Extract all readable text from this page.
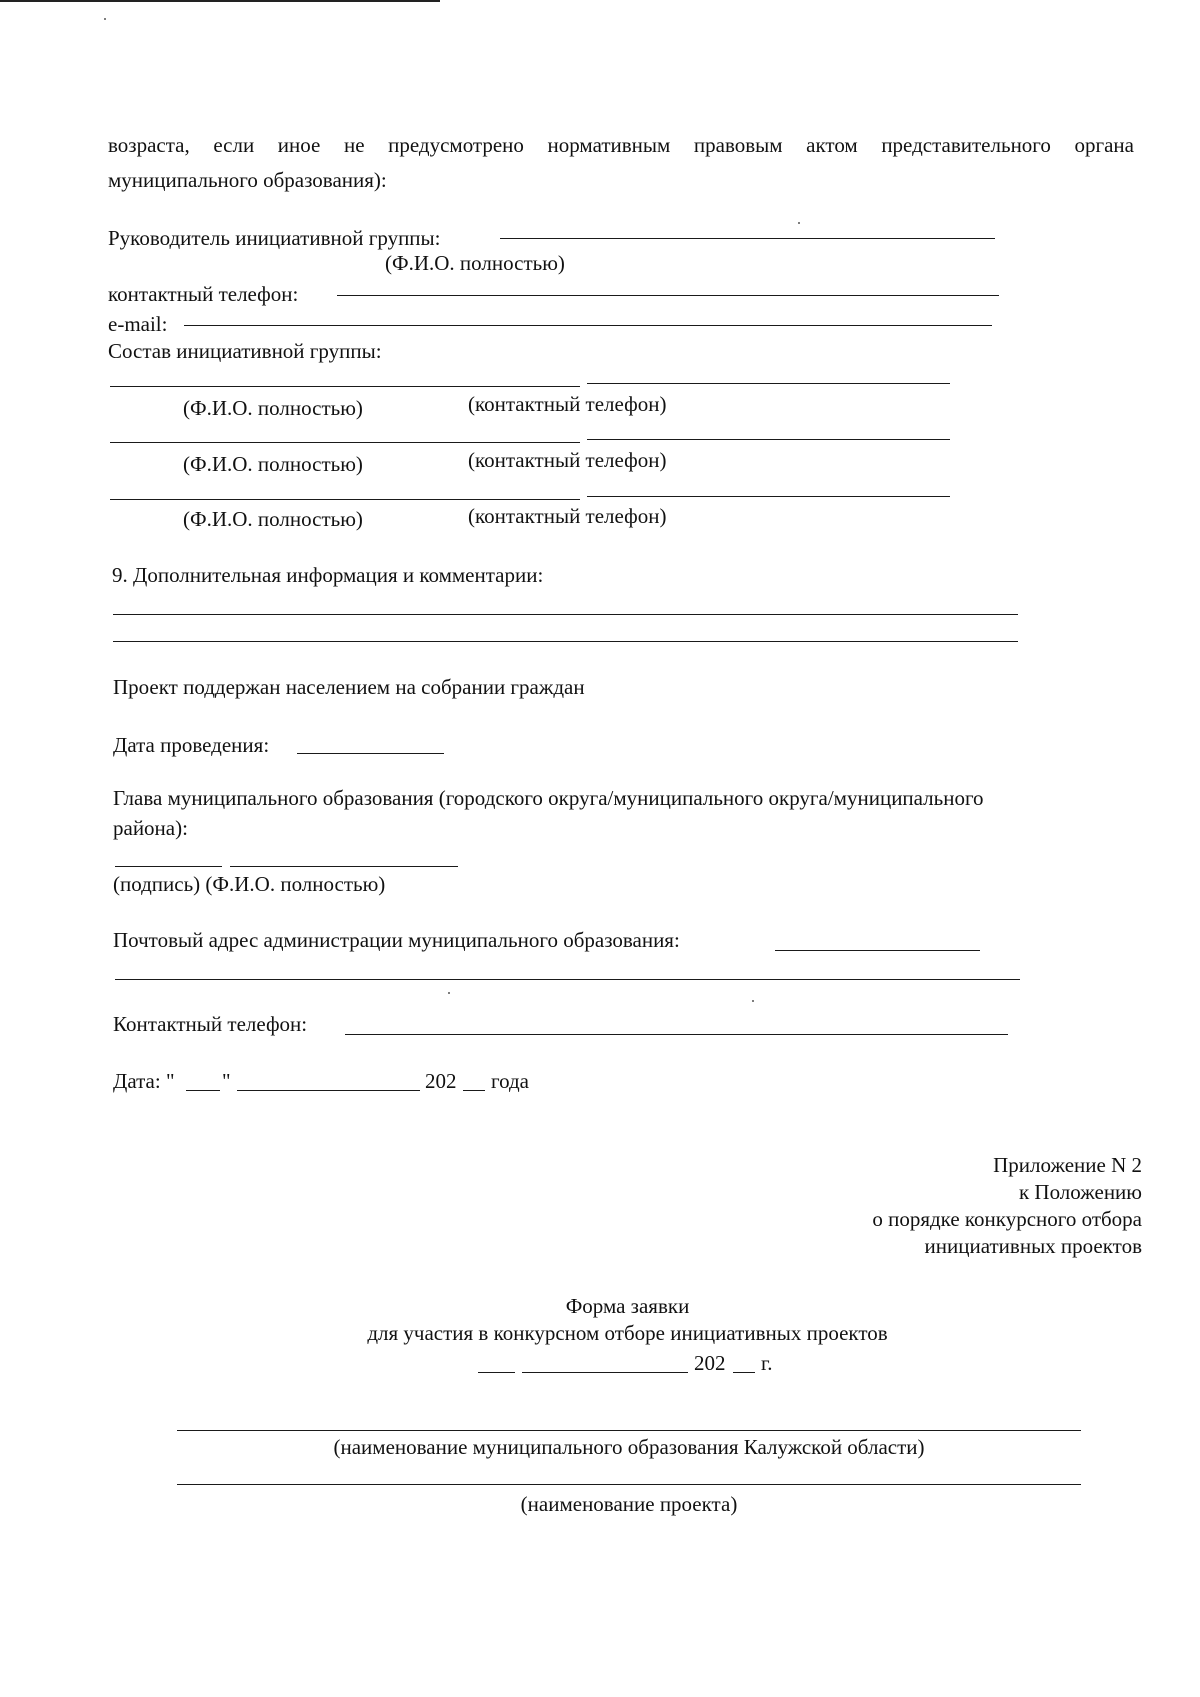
возраста, если иное не предусмотрено нормативным правовым актом представительного органа
муниципального образования):
Руководитель инициативной группы:
(Ф.И.О. полностью)
контактный телефон:
e-mail:
Состав инициативной группы:
(Ф.И.О. полностью)	(контактный телефон)
(Ф.И.О. полностью)	(контактный телефон)
(Ф.И.О. полностью)	(контактный телефон)
9. Дополнительная информация и комментарии:
Проект поддержан населением на собрании граждан
Дата проведения:
Глава муниципального образования (городского округа/муниципального округа/муниципального
района):
(подпись) (Ф.И.О. полностью)
Почтовый адрес администрации муниципального образования:
Контактный телефон:
Дата: " "	202 года
Приложение N 2
к Положению
о порядке конкурсного отбора
инициативных проектов
Форма заявки
для участия в конкурсном отборе инициативных проектов
202 г.
(наименование муниципального образования Калужской области)
(наименование проекта)
